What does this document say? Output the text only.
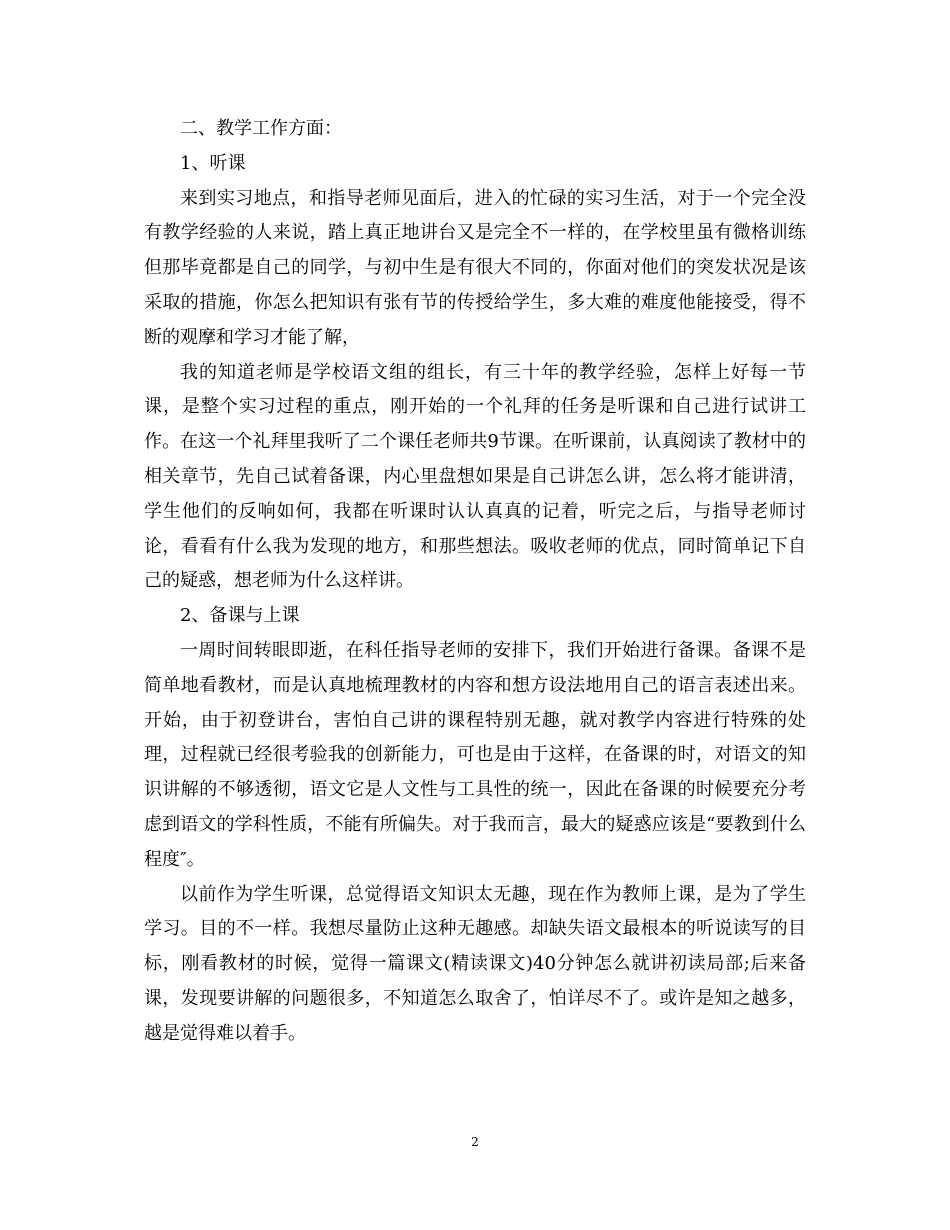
二、教学工作方面：

1、听课

来到实习地点，和指导老师见面后，进入的忙碌的实习生活，对于一个完全没有教学经验的人来说，踏上真正地讲台又是完全不一样的，在学校里虽有微格训练但那毕竟都是自己的同学，与初中生是有很大不同的，你面对他们的突发状况是该采取的措施，你怎么把知识有张有节的传授给学生，多大难的难度他能接受，得不断的观摩和学习才能了解，

我的知道老师是学校语文组的组长，有三十年的教学经验，怎样上好每一节课，是整个实习过程的重点，刚开始的一个礼拜的任务是听课和自己进行试讲工作。在这一个礼拜里我听了二个课任老师共9节课。在听课前，认真阅读了教材中的相关章节，先自己试着备课，内心里盘想如果是自己讲怎么讲，怎么将才能讲清，学生他们的反响如何，我都在听课时认认真真的记着，听完之后，与指导老师讨论，看看有什么我为发现的地方，和那些想法。吸收老师的优点，同时简单记下自己的疑惑，想老师为什么这样讲。

2、备课与上课

一周时间转眼即逝，在科任指导老师的安排下，我们开始进行备课。备课不是简单地看教材，而是认真地梳理教材的内容和想方设法地用自己的语言表述出来。开始，由于初登讲台，害怕自己讲的课程特别无趣，就对教学内容进行特殊的处理，过程就已经很考验我的创新能力，可也是由于这样，在备课的时，对语文的知识讲解的不够透彻，语文它是人文性与工具性的统一，因此在备课的时候要充分考虑到语文的学科性质，不能有所偏失。对于我而言，最大的疑惑应该是“要教到什么程度″。

以前作为学生听课，总觉得语文知识太无趣，现在作为教师上课，是为了学生学习。目的不一样。我想尽量防止这种无趣感。却缺失语文最根本的听说读写的目标，刚看教材的时候，觉得一篇课文(精读课文)40分钟怎么就讲初读局部;后来备课，发现要讲解的问题很多，不知道怎么取舍了，怕详尽不了。或许是知之越多，越是觉得难以着手。

2
